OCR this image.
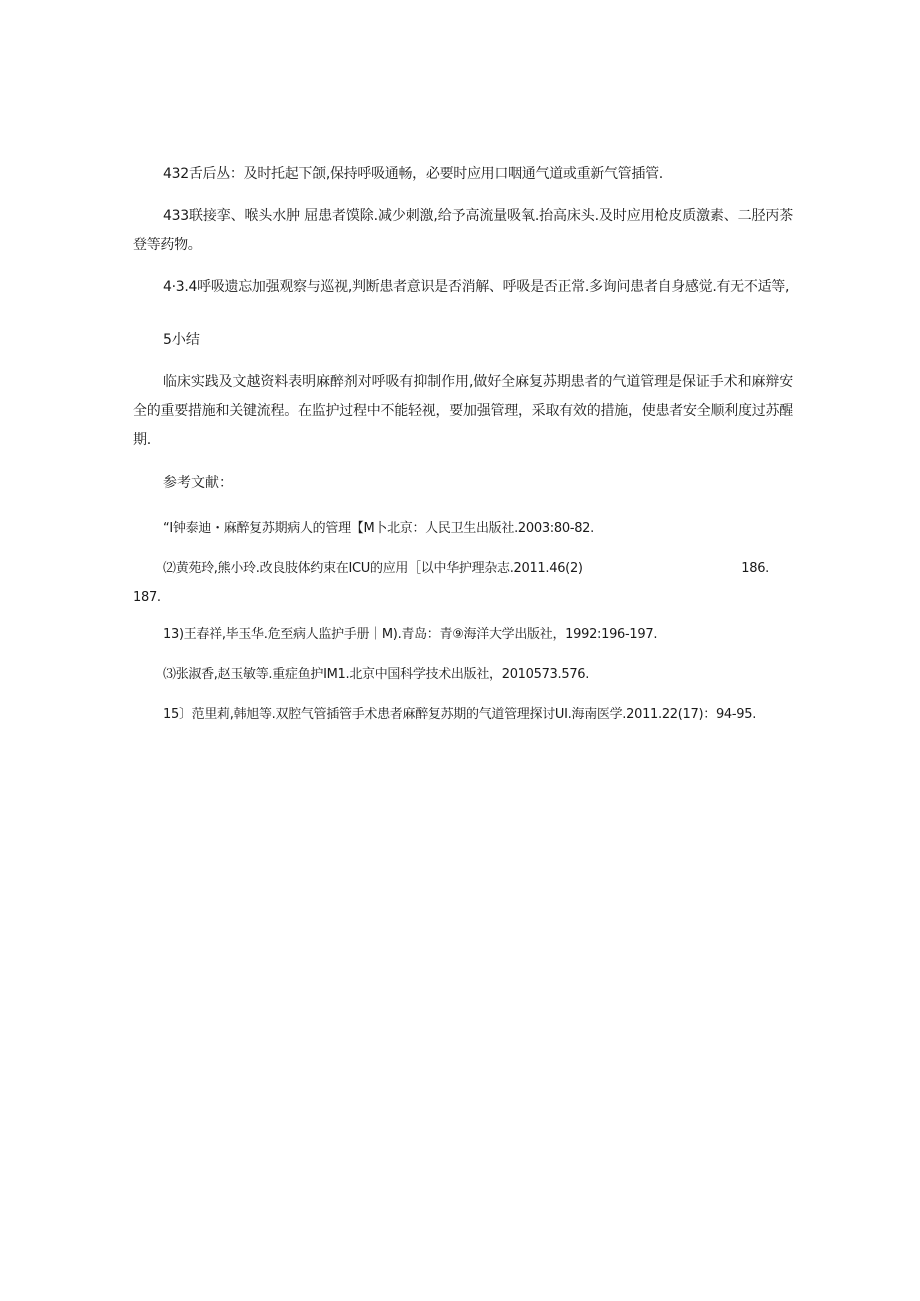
432舌后丛：及时托起下颌,保持呼吸通畅，必要时应用口咽通气道或重新气管插管.

433联接挛、喉头水肿 屈患者馍除.减少刺激,给予高流量吸氧.抬高床头.及时应用枪皮质激素、二胫丙茶登等药物。

4·3.4呼吸遗忘加强观察与巡视,判断患者意识是否消解、呼吸是否正常.多询问患者自身感觉.有无不适等,

5小结

临床实践及文越资料表明麻醉剂对呼吸有抑制作用,做好全麻复苏期患者的气道管理是保证手术和麻辩安全的重要措施和关键流程。在监护过程中不能轻视，要加强管理，采取有效的措施，使患者安全顺利度过苏醒期.

参考文献：

“I钟泰迪・麻醉复苏期病人的管理【M卜北京：人民卫生出版社.2003:80-82.

⑵黄苑玲,熊小玲.改良肢体约束在ICU的应用［以中华护理杂志.2011.46(2)	186.
187.

13)王春祥,毕玉华.危至病人监护手册｜M).青岛：青⑨海洋大学出版社，1992:196-197.

⑶张淑香,赵玉敏等.重症鱼护IM1.北京中国科学技术出版社，2010573.576.

15〕范里莉,韩旭等.双腔气管插管手术患者麻醉复苏期的气道管理探讨UI.海南医学.2011.22(17)：94-95.
